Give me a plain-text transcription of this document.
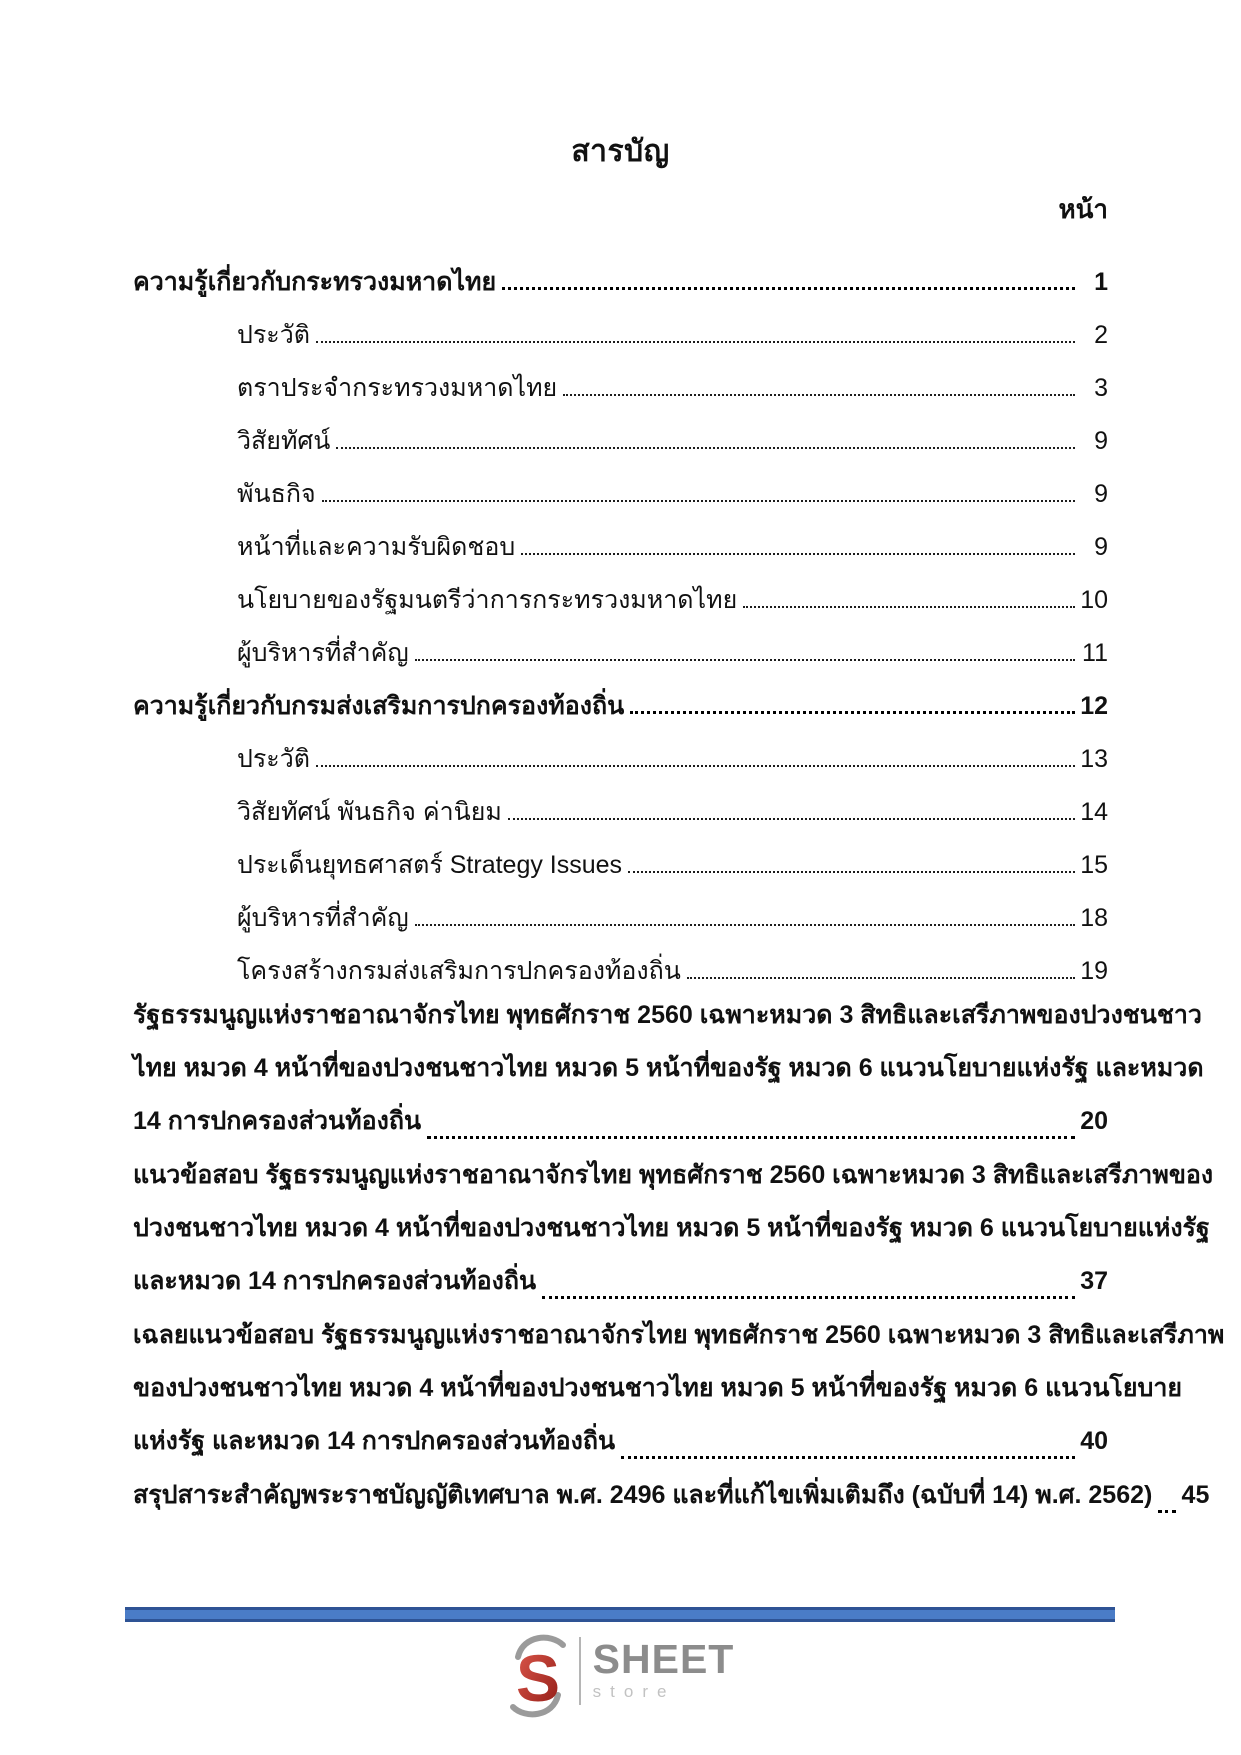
สารบัญ
หน้า
ความรู้เกี่ยวกับกระทรวงมหาดไทย	1
ประวัติ	2
ตราประจำกระทรวงมหาดไทย	3
วิสัยทัศน์	9
พันธกิจ	9
หน้าที่และความรับผิดชอบ	9
นโยบายของรัฐมนตรีว่าการกระทรวงมหาดไทย	10
ผู้บริหารที่สำคัญ	11
ความรู้เกี่ยวกับกรมส่งเสริมการปกครองท้องถิ่น	12
ประวัติ	13
วิสัยทัศน์ พันธกิจ ค่านิยม	14
ประเด็นยุทธศาสตร์ Strategy Issues	15
ผู้บริหารที่สำคัญ	18
โครงสร้างกรมส่งเสริมการปกครองท้องถิ่น	19
รัฐธรรมนูญแห่งราชอาณาจักรไทย พุทธศักราช 2560 เฉพาะหมวด 3 สิทธิและเสรีภาพของปวงชนชาว
ไทย หมวด 4 หน้าที่ของปวงชนชาวไทย หมวด 5 หน้าที่ของรัฐ หมวด 6 แนวนโยบายแห่งรัฐ และหมวด
14 การปกครองส่วนท้องถิ่น	20
แนวข้อสอบ รัฐธรรมนูญแห่งราชอาณาจักรไทย พุทธศักราช 2560 เฉพาะหมวด 3 สิทธิและเสรีภาพของ
ปวงชนชาวไทย หมวด 4 หน้าที่ของปวงชนชาวไทย หมวด 5 หน้าที่ของรัฐ หมวด 6 แนวนโยบายแห่งรัฐ
และหมวด 14 การปกครองส่วนท้องถิ่น	37
เฉลยแนวข้อสอบ รัฐธรรมนูญแห่งราชอาณาจักรไทย พุทธศักราช 2560 เฉพาะหมวด 3 สิทธิและเสรีภาพ
ของปวงชนชาวไทย หมวด 4 หน้าที่ของปวงชนชาวไทย หมวด 5 หน้าที่ของรัฐ หมวด 6 แนวนโยบาย
แห่งรัฐ และหมวด 14 การปกครองส่วนท้องถิ่น	40
สรุปสาระสำคัญพระราชบัญญัติเทศบาล พ.ศ. 2496 และที่แก้ไขเพิ่มเติมถึง (ฉบับที่ 14) พ.ศ. 2562) 45
S SHEET
store
